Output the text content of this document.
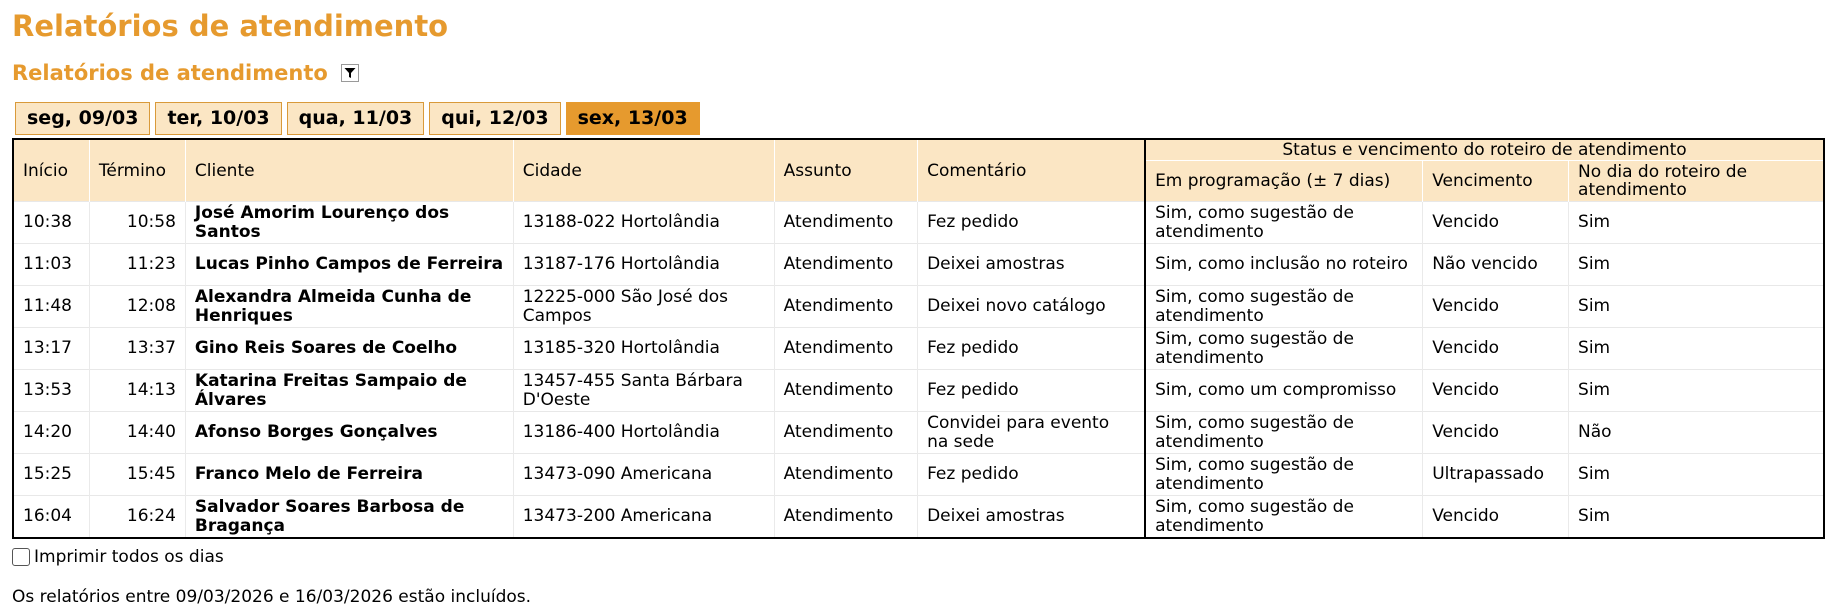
Relatórios de atendimento
Relatórios de atendimento
seg, 09/03	ter, 10/03	qua, 11/03	qui, 12/03	sex, 13/03
Início	Término	Cliente	Cidade	Assunto	Comentário	Status e vencimento do roteiro de atendimento		
						Em programação (± 7 dias)	Vencimento	No dia do roteiro de atendimento
10:38	10:58	José Amorim Lourenço dos Santos	13188-022 Hortolândia	Atendimento	Fez pedido	Sim, como sugestão de atendimento	Vencido	Sim
11:03	11:23	Lucas Pinho Campos de Ferreira	13187-176 Hortolândia	Atendimento	Deixei amostras	Sim, como inclusão no roteiro	Não vencido	Sim
11:48	12:08	Alexandra Almeida Cunha de Henriques	12225-000 São José dos Campos	Atendimento	Deixei novo catálogo	Sim, como sugestão de atendimento	Vencido	Sim
13:17	13:37	Gino Reis Soares de Coelho	13185-320 Hortolândia	Atendimento	Fez pedido	Sim, como sugestão de atendimento	Vencido	Sim
13:53	14:13	Katarina Freitas Sampaio de Álvares	13457-455 Santa Bárbara D'Oeste	Atendimento	Fez pedido	Sim, como um compromisso	Vencido	Sim
14:20	14:40	Afonso Borges Gonçalves	13186-400 Hortolândia	Atendimento	Convidei para evento na sede	Sim, como sugestão de atendimento	Vencido	Não
15:25	15:45	Franco Melo de Ferreira	13473-090 Americana	Atendimento	Fez pedido	Sim, como sugestão de atendimento	Ultrapassado	Sim
16:04	16:24	Salvador Soares Barbosa de Bragança	13473-200 Americana	Atendimento	Deixei amostras	Sim, como sugestão de atendimento	Vencido	Sim
Imprimir todos os dias
Os relatórios entre 09/03/2026 e 16/03/2026 estão incluídos.
